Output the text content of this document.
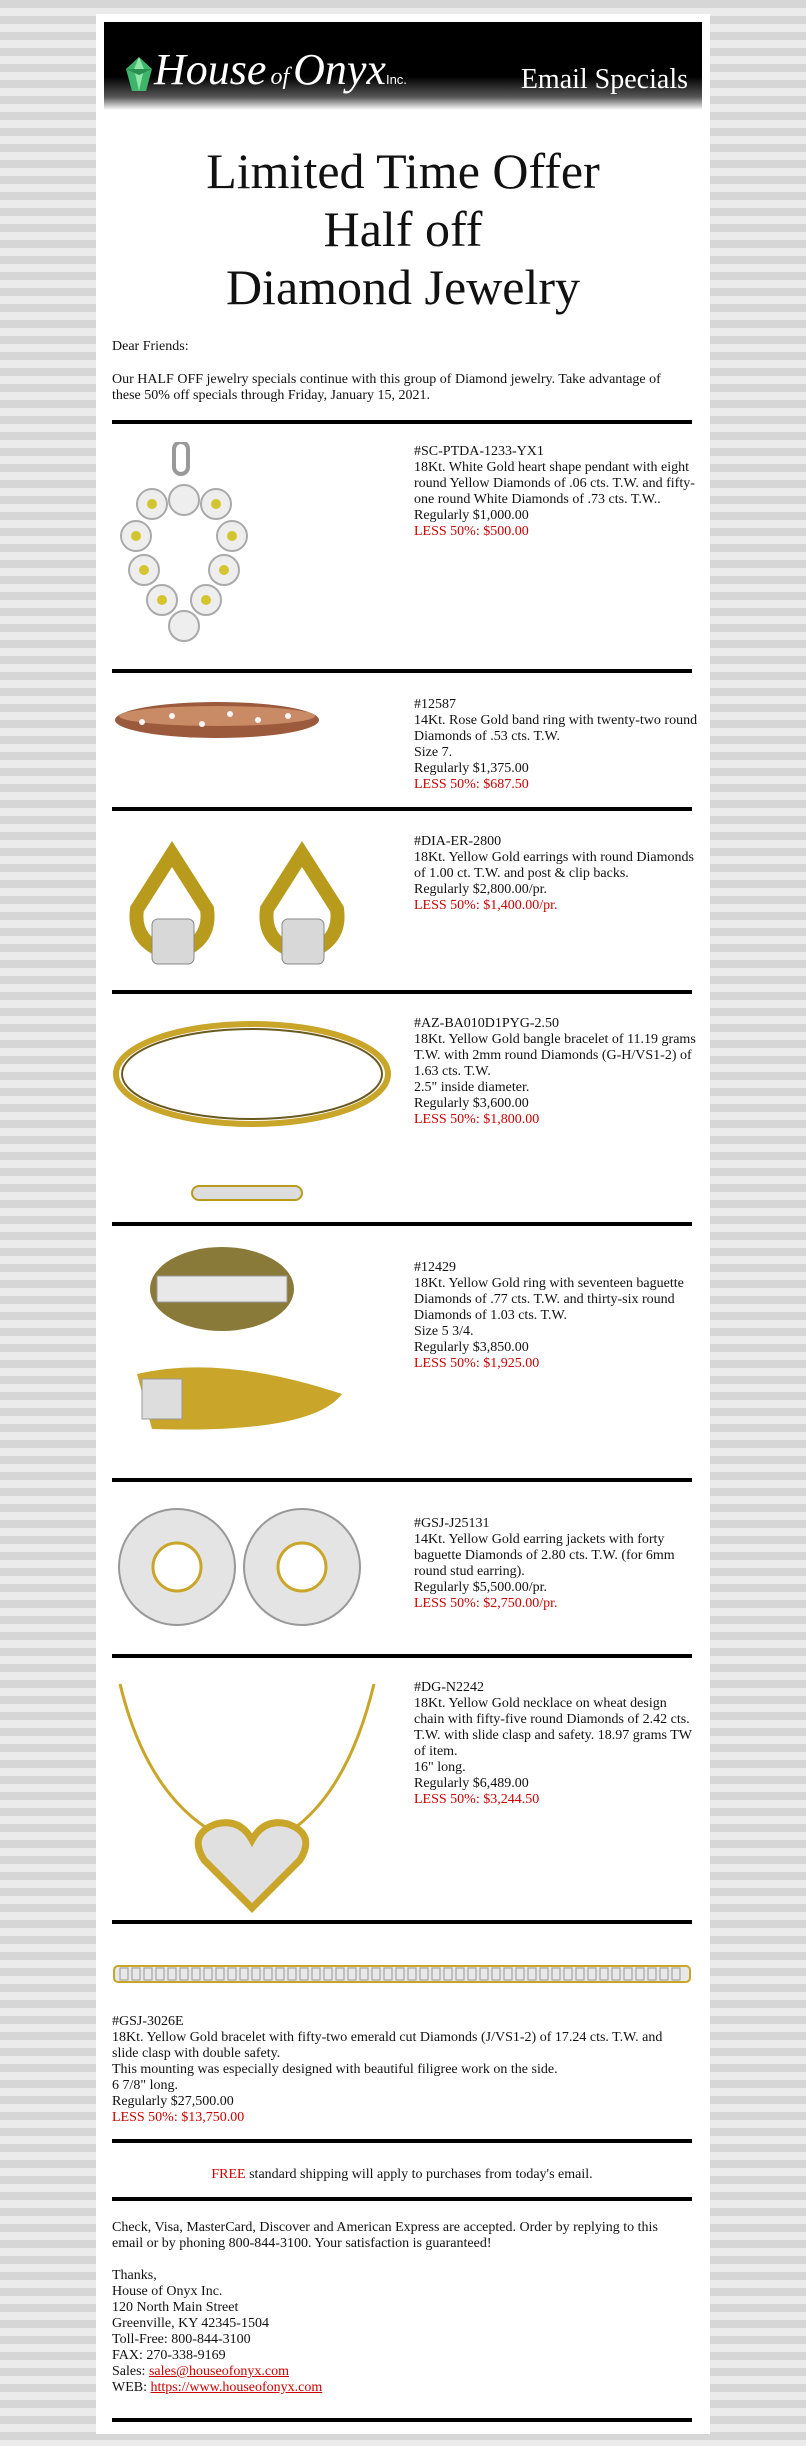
House ofOnyxInc.	Email Specials
Limited Time Offer
Half off
Diamond Jewelry
Dear Friends:
Our HALF OFF jewelry specials continue with this group of Diamond jewelry. Take advantage of these 50% off specials through Friday, January 15, 2021.
#SC-PTDA-1233-YX1
18Kt. White Gold heart shape pendant with eight round Yellow Diamonds of .06 cts. T.W. and fifty-one round White Diamonds of .73 cts. T.W..
Regularly $1,000.00
LESS 50%: $500.00
#12587
14Kt. Rose Gold band ring with twenty-two round Diamonds of .53 cts. T.W.
Size 7.
Regularly $1,375.00
LESS 50%: $687.50
#DIA-ER-2800
18Kt. Yellow Gold earrings with round Diamonds of 1.00 ct. T.W. and post & clip backs.
Regularly $2,800.00/pr.
LESS 50%: $1,400.00/pr.
#AZ-BA010D1PYG-2.50
18Kt. Yellow Gold bangle bracelet of 11.19 grams T.W. with 2mm round Diamonds (G-H/VS1-2) of 1.63 cts. T.W.
2.5" inside diameter.
Regularly $3,600.00
LESS 50%: $1,800.00
#12429
18Kt. Yellow Gold ring with seventeen baguette Diamonds of .77 cts. T.W. and thirty-six round Diamonds of 1.03 cts. T.W.
Size 5 3/4.
Regularly $3,850.00
LESS 50%: $1,925.00
#GSJ-J25131
14Kt. Yellow Gold earring jackets with forty baguette Diamonds of 2.80 cts. T.W. (for 6mm round stud earring).
Regularly $5,500.00/pr.
LESS 50%: $2,750.00/pr.
#DG-N2242
18Kt. Yellow Gold necklace on wheat design chain with fifty-five round Diamonds of 2.42 cts. T.W. with slide clasp and safety. 18.97 grams TW of item.
16" long.
Regularly $6,489.00
LESS 50%: $3,244.50
#GSJ-3026E
18Kt. Yellow Gold bracelet with fifty-two emerald cut Diamonds (J/VS1-2) of 17.24 cts. T.W. and slide clasp with double safety.
This mounting was especially designed with beautiful filigree work on the side.
6 7/8" long.
Regularly $27,500.00
LESS 50%: $13,750.00
FREE standard shipping will apply to purchases from today's email.
Check, Visa, MasterCard, Discover and American Express are accepted. Order by replying to this email or by phoning 800-844-3100. Your satisfaction is guaranteed!
Thanks,
House of Onyx Inc.
120 North Main Street
Greenville, KY 42345-1504
Toll-Free: 800-844-3100
FAX: 270-338-9169
Sales: sales@houseofonyx.com
WEB: https://www.houseofonyx.com
